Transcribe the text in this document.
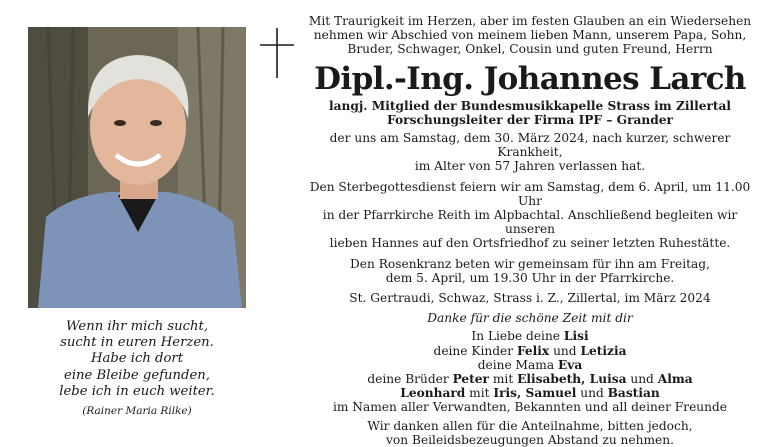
Wenn ihr mich sucht,
sucht in euren Herzen.
Habe ich dort
eine Bleibe gefunden,
lebe ich in euch weiter.
(Rainer Maria Rilke)
Mit Traurigkeit im Herzen, aber im festen Glauben an ein Wiedersehen
nehmen wir Abschied von meinem lieben Mann, unserem Papa, Sohn,
Bruder, Schwager, Onkel, Cousin und guten Freund, Herrn
Dipl.-Ing. Johannes Larch
langj. Mitglied der Bundesmusikkapelle Strass im Zillertal
Forschungsleiter der Firma IPF – Grander
der uns am Samstag, dem 30. März 2024, nach kurzer, schwerer Krankheit,
im Alter von 57 Jahren verlassen hat.
Den Sterbegottesdienst feiern wir am Samstag, dem 6. April, um 11.00 Uhr
in der Pfarrkirche Reith im Alpbachtal. Anschließend begleiten wir unseren
lieben Hannes auf den Ortsfriedhof zu seiner letzten Ruhestätte.
Den Rosenkranz beten wir gemeinsam für ihn am Freitag,
dem 5. April, um 19.30 Uhr in der Pfarrkirche.
St. Gertraudi, Schwaz, Strass i. Z., Zillertal, im März 2024
Danke für die schöne Zeit mit dir
In Liebe deine Lisi
deine Kinder Felix und Letizia
deine Mama Eva
deine Brüder Peter mit Elisabeth, Luisa und Alma
Leonhard mit Iris, Samuel und Bastian
im Namen aller Verwandten, Bekannten und all deiner Freunde
Wir danken allen für die Anteilnahme, bitten jedoch,
von Beileidsbezeugungen Abstand zu nehmen.
